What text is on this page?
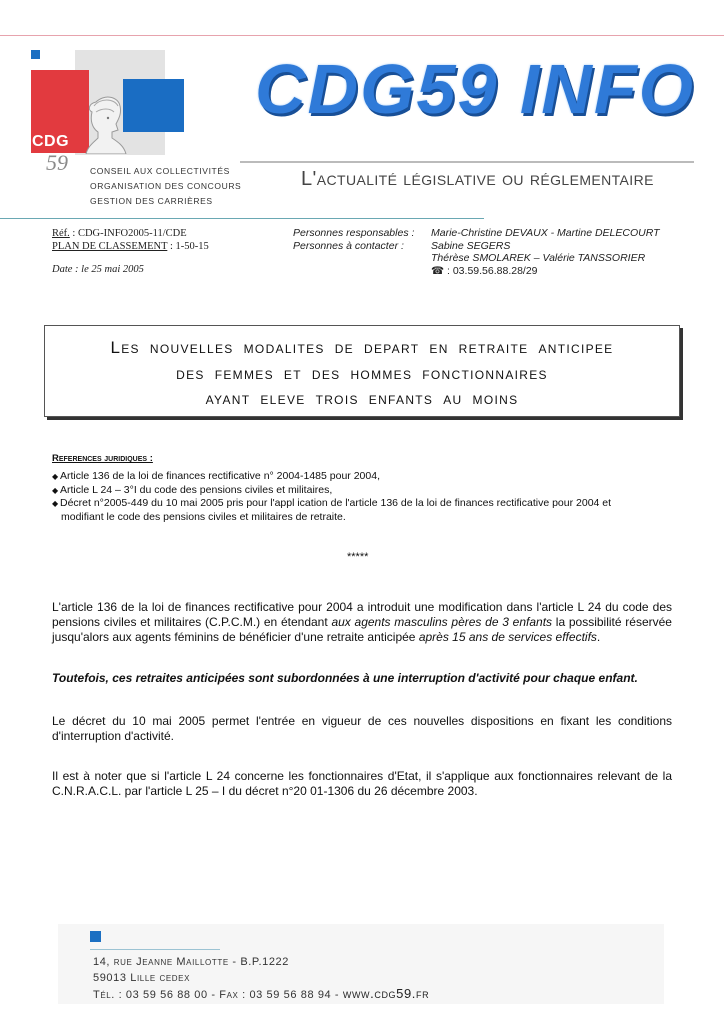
CDG
59	CONSEIL AUX COLLECTIVITÉS
ORGANISATION DES CONCOURS
GESTION DES CARRIÈRES
CDG59 INFO
L'actualité législative ou réglementaire
Réf. : CDG-INFO2005-11/CDE
PLAN DE CLASSEMENT : 1-50-15
Date : le 25 mai 2005
Personnes responsables :
Personnes à contacter :
Marie-Christine DEVAUX - Martine DELECOURT
Sabine SEGERS
Thérèse SMOLAREK – Valérie TANSSORIER
☎ : 03.59.56.88.28/29
Les nouvelles modalites de depart en retraite anticipee
des femmes et des hommes fonctionnaires
ayant eleve trois enfants au moins
References juridiques :
◆ Article 136 de la loi de finances rectificative n° 2004-1485 pour 2004,
◆ Article L 24 – 3°I du code des pensions civiles et militaires,
◆ Décret n°2005-449 du 10 mai 2005 pris pour l'appl ication de l'article 136 de la loi de finances rectificative pour 2004 et
modifiant le code des pensions civiles et militaires de retraite.
*****
L'article 136 de la loi de finances rectificative pour 2004 a introduit une modification dans l'article L 24 du code des pensions civiles et militaires (C.P.C.M.) en étendant aux agents masculins pères de 3 enfants la possibilité réservée jusqu'alors aux agents féminins de bénéficier d'une retraite anticipée après 15 ans de services effectifs.
Toutefois, ces retraites anticipées sont subordonnées à une interruption d'activité pour chaque enfant.
Le décret du 10 mai 2005 permet l'entrée en vigueur de ces nouvelles dispositions en fixant les conditions d'interruption d'activité.
Il est à noter que si l'article L 24 concerne les fonctionnaires d'Etat, il s'applique aux fonctionnaires relevant de la C.N.R.A.C.L. par l'article L 25 – I du décret n°20 01-1306 du 26 décembre 2003.
14, rue Jeanne Maillotte - B.P.1222
59013 Lille cedex
Tél. : 03 59 56 88 00 - Fax : 03 59 56 88 94 - www.cdg59.fr
